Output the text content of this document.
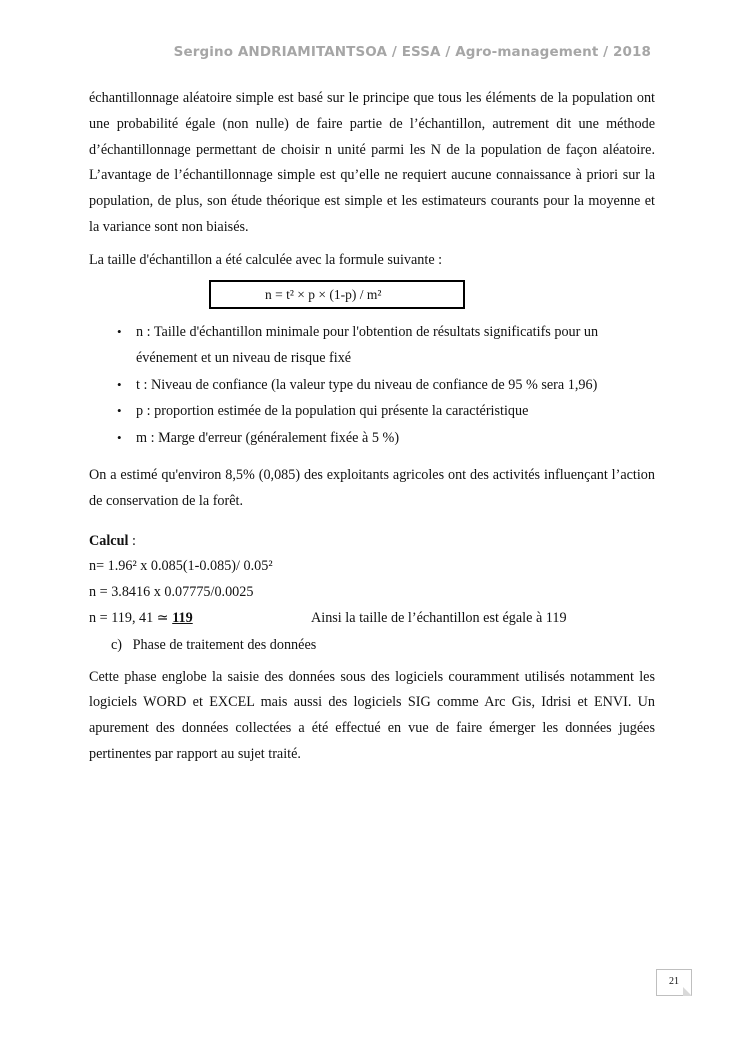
Sergino ANDRIAMITANTSOA / ESSA / Agro-management / 2018

échantillonnage aléatoire simple est basé sur le principe que tous les éléments de la population ont une probabilité égale (non nulle) de faire partie de l’échantillon, autrement dit une méthode d’échantillonnage permettant de choisir n unité parmi les N de la population de façon aléatoire. L’avantage de l’échantillonnage simple est qu’elle ne requiert aucune connaissance à priori sur la population, de plus, son étude théorique est simple et les estimateurs courants pour la moyenne et la variance sont non biaisés.

La taille d'échantillon a été calculée avec la formule suivante :

n = t² × p × (1-p) / m²
• n : Taille d'échantillon minimale pour l'obtention de résultats significatifs pour un événement et un niveau de risque fixé
• t : Niveau de confiance (la valeur type du niveau de confiance de 95 % sera 1,96)
• p : proportion estimée de la population qui présente la caractéristique
• m : Marge d'erreur (généralement fixée à 5 %)

On a estimé qu'environ 8,5% (0,085) des exploitants agricoles ont des activités influençant l’action de conservation de la forêt.

Calcul :

n= 1.96² x 0.085(1-0.085)/ 0.05²

n = 3.8416 x 0.07775/0.0025

n = 119, 41 ≃ 119	Ainsi la taille de l’échantillon est égale à 119

c) Phase de traitement des données

Cette phase englobe la saisie des données sous des logiciels couramment utilisés notamment les logiciels WORD et EXCEL mais aussi des logiciels SIG comme Arc Gis, Idrisi et ENVI. Un apurement des données collectées a été effectué en vue de faire émerger les données jugées pertinentes par rapport au sujet traité.

21
